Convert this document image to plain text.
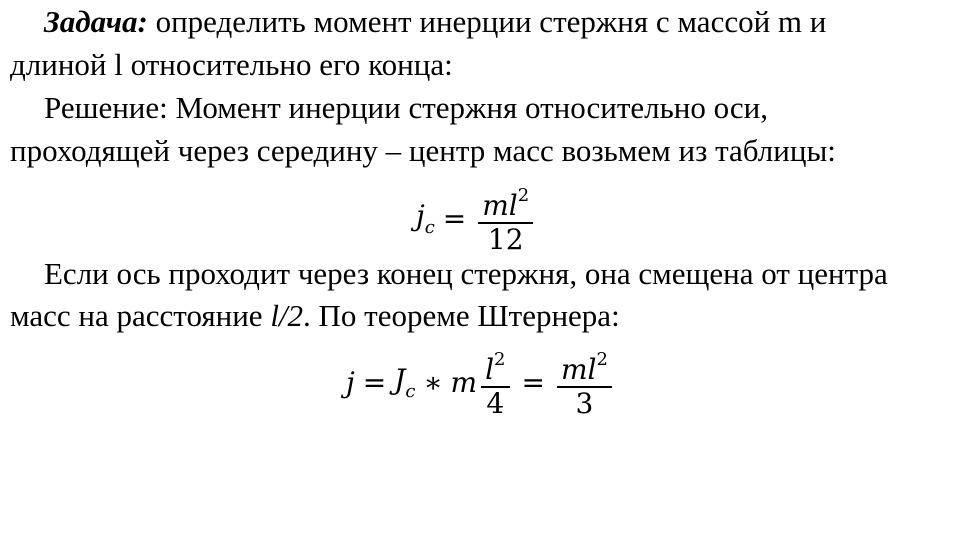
Задача: определить момент инерции стержня с массой m и
длиной l относительно его конца:
Решение: Момент инерции стержня относительно оси,
проходящей через середину – центр масс возьмем из таблицы:
$j_c = \frac{ml^2}{12}$
Если ось проходит через конец стержня, она смещена от центра
масс на расстояние l/2. По теореме Штернера:
$j = J_c$ ∗ m $\frac{l^2}{4} = \frac{ml^2}{3}$
